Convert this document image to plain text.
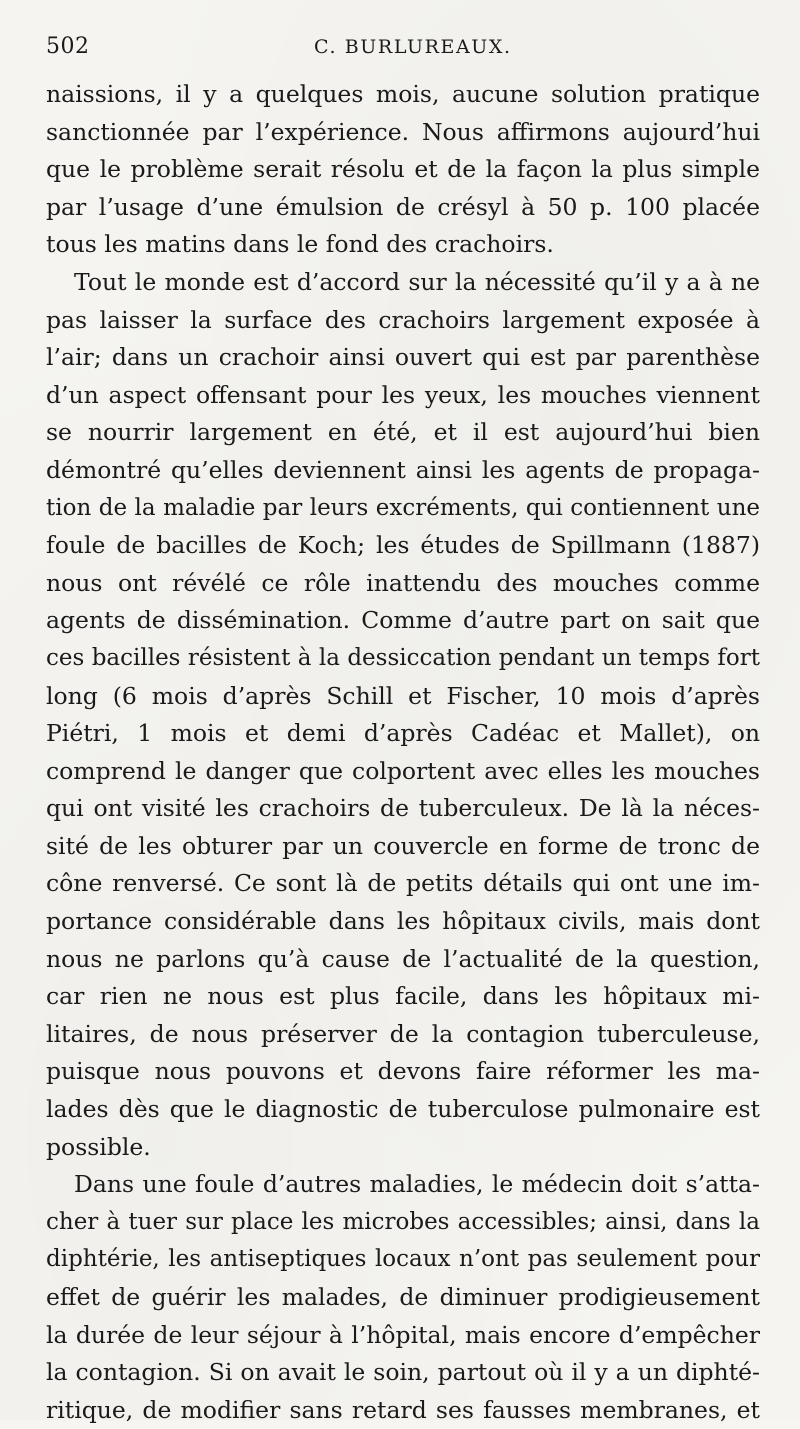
502	C. BURLUREAUX.
naissions, il y a quelques mois, aucune solution pratique
sanctionnée par l’expérience. Nous affirmons aujourd’hui
que le problème serait résolu et de la façon la plus simple
par l’usage d’une émulsion de crésyl à 50 p. 100 placée
tous les matins dans le fond des crachoirs.
Tout le monde est d’accord sur la nécessité qu’il y a à ne
pas laisser la surface des crachoirs largement exposée à
l’air; dans un crachoir ainsi ouvert qui est par parenthèse
d’un aspect offensant pour les yeux, les mouches viennent
se nourrir largement en été, et il est aujourd’hui bien
démontré qu’elles deviennent ainsi les agents de propaga-
tion de la maladie par leurs excréments, qui contiennent une
foule de bacilles de Koch; les études de Spillmann (1887)
nous ont révélé ce rôle inattendu des mouches comme
agents de dissémination. Comme d’autre part on sait que
ces bacilles résistent à la dessiccation pendant un temps fort
long (6 mois d’après Schill et Fischer, 10 mois d’après
Piétri, 1 mois et demi d’après Cadéac et Mallet), on
comprend le danger que colportent avec elles les mouches
qui ont visité les crachoirs de tuberculeux. De là la néces-
sité de les obturer par un couvercle en forme de tronc de
cône renversé. Ce sont là de petits détails qui ont une im-
portance considérable dans les hôpitaux civils, mais dont
nous ne parlons qu’à cause de l’actualité de la question,
car rien ne nous est plus facile, dans les hôpitaux mi-
litaires, de nous préserver de la contagion tuberculeuse,
puisque nous pouvons et devons faire réformer les ma-
lades dès que le diagnostic de tuberculose pulmonaire est
possible.
Dans une foule d’autres maladies, le médecin doit s’atta-
cher à tuer sur place les microbes accessibles; ainsi, dans la
diphtérie, les antiseptiques locaux n’ont pas seulement pour
effet de guérir les malades, de diminuer prodigieusement
la durée de leur séjour à l’hôpital, mais encore d’empêcher
la contagion. Si on avait le soin, partout où il y a un diphté-
ritique, de modifier sans retard ses fausses membranes, et
